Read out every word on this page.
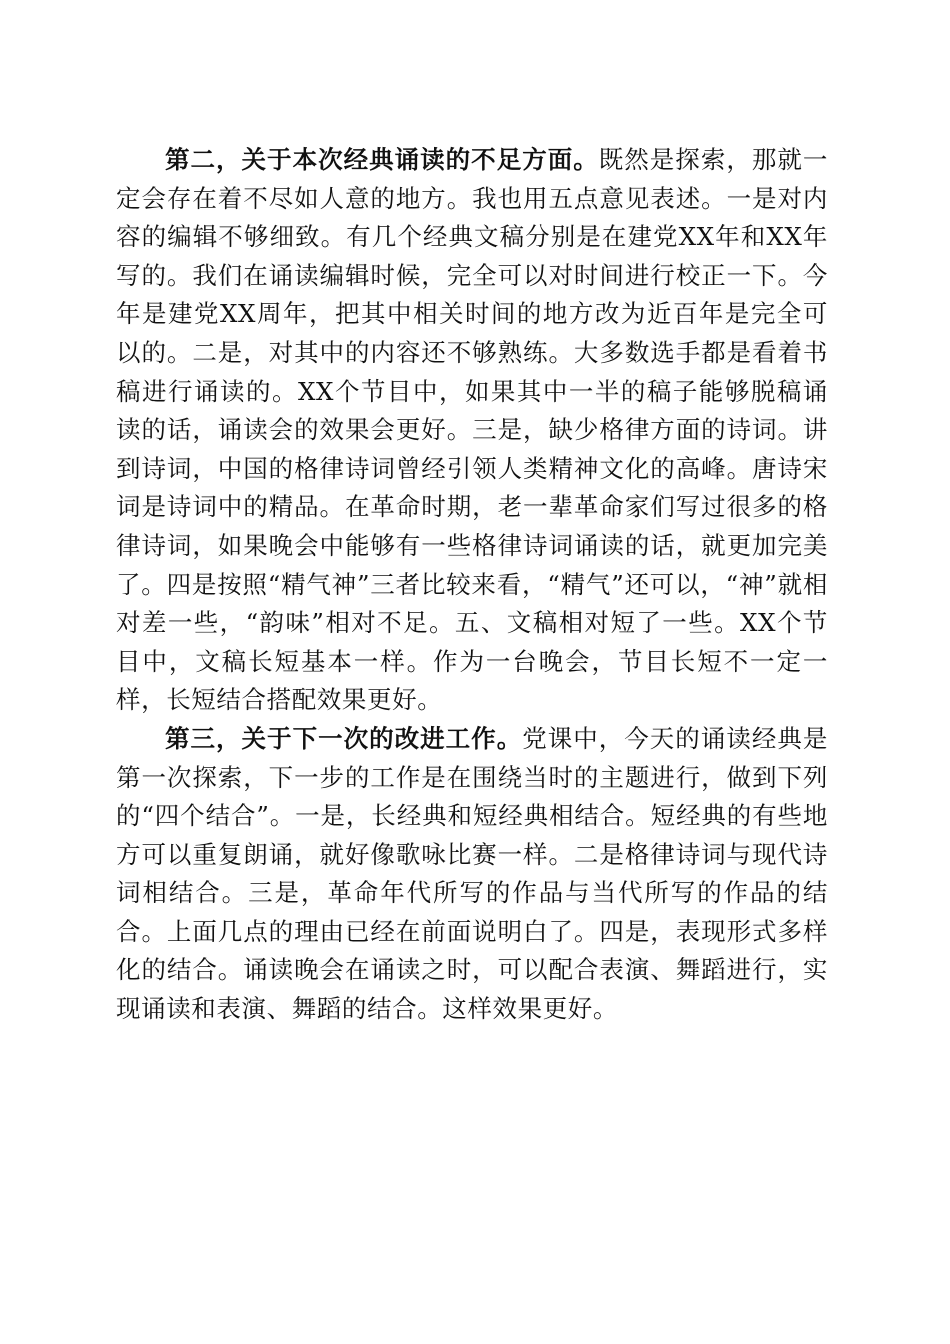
第二，关于本次经典诵读的不足方面。既然是探索，那就一定会存在着不尽如人意的地方。我也用五点意见表述。一是对内容的编辑不够细致。有几个经典文稿分别是在建党XX年和XX年写的。我们在诵读编辑时候，完全可以对时间进行校正一下。今年是建党XX周年，把其中相关时间的地方改为近百年是完全可以的。二是，对其中的内容还不够熟练。大多数选手都是看着书稿进行诵读的。XX个节目中，如果其中一半的稿子能够脱稿诵读的话，诵读会的效果会更好。三是，缺少格律方面的诗词。讲到诗词，中国的格律诗词曾经引领人类精神文化的高峰。唐诗宋词是诗词中的精品。在革命时期，老一辈革命家们写过很多的格律诗词，如果晚会中能够有一些格律诗词诵读的话，就更加完美了。四是按照“精气神”三者比较来看，“精气”还可以，“神”就相对差一些，“韵味”相对不足。五、文稿相对短了一些。XX个节目中，文稿长短基本一样。作为一台晚会，节目长短不一定一样，长短结合搭配效果更好。

第三，关于下一次的改进工作。党课中，今天的诵读经典是第一次探索，下一步的工作是在围绕当时的主题进行，做到下列的“四个结合”。一是，长经典和短经典相结合。短经典的有些地方可以重复朗诵，就好像歌咏比赛一样。二是格律诗词与现代诗词相结合。三是，革命年代所写的作品与当代所写的作品的结合。上面几点的理由已经在前面说明白了。四是，表现形式多样化的结合。诵读晚会在诵读之时，可以配合表演、舞蹈进行，实现诵读和表演、舞蹈的结合。这样效果更好。
